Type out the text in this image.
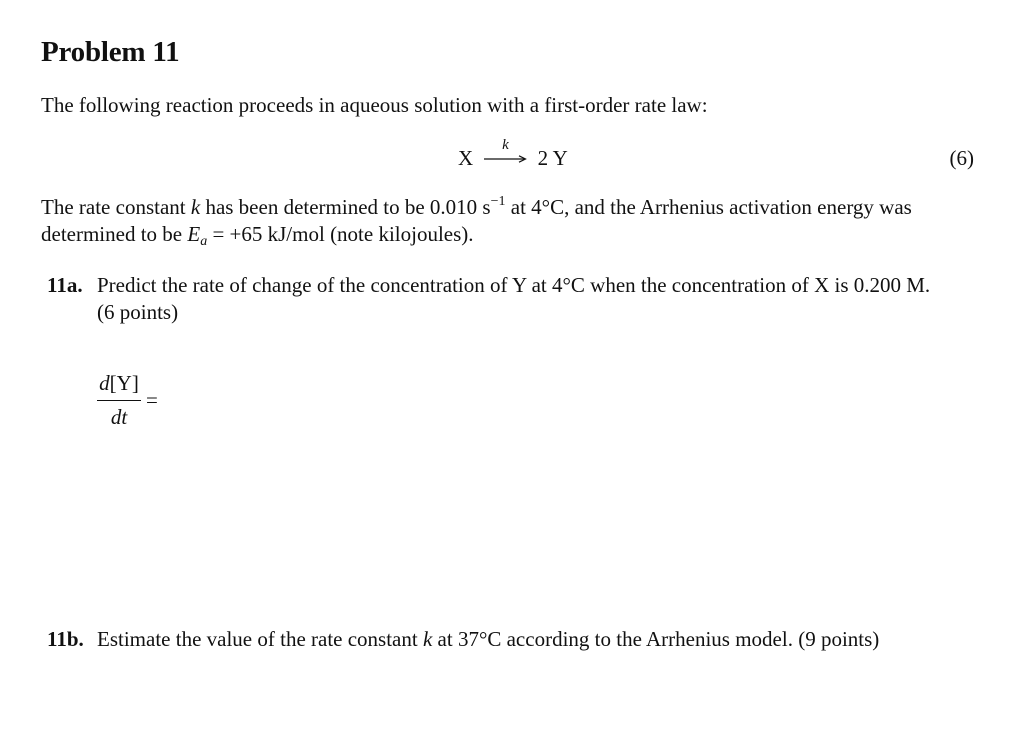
Problem 11
The following reaction proceeds in aqueous solution with a first-order rate law:
X
k
2 Y	(6)
The rate constant k has been determined to be 0.010 $s^{-1}$ at 4°C, and the Arrhenius activation energy was
determined to be $E_a = +65$ kJ/mol (note kilojoules).
11a. Predict the rate of change of the concentration of Y at 4°C when the concentration of X is 0.200 M.
(6 points)
d[Y]
dt
=
11b. Estimate the value of the rate constant k at 37°C according to the Arrhenius model. (9 points)
